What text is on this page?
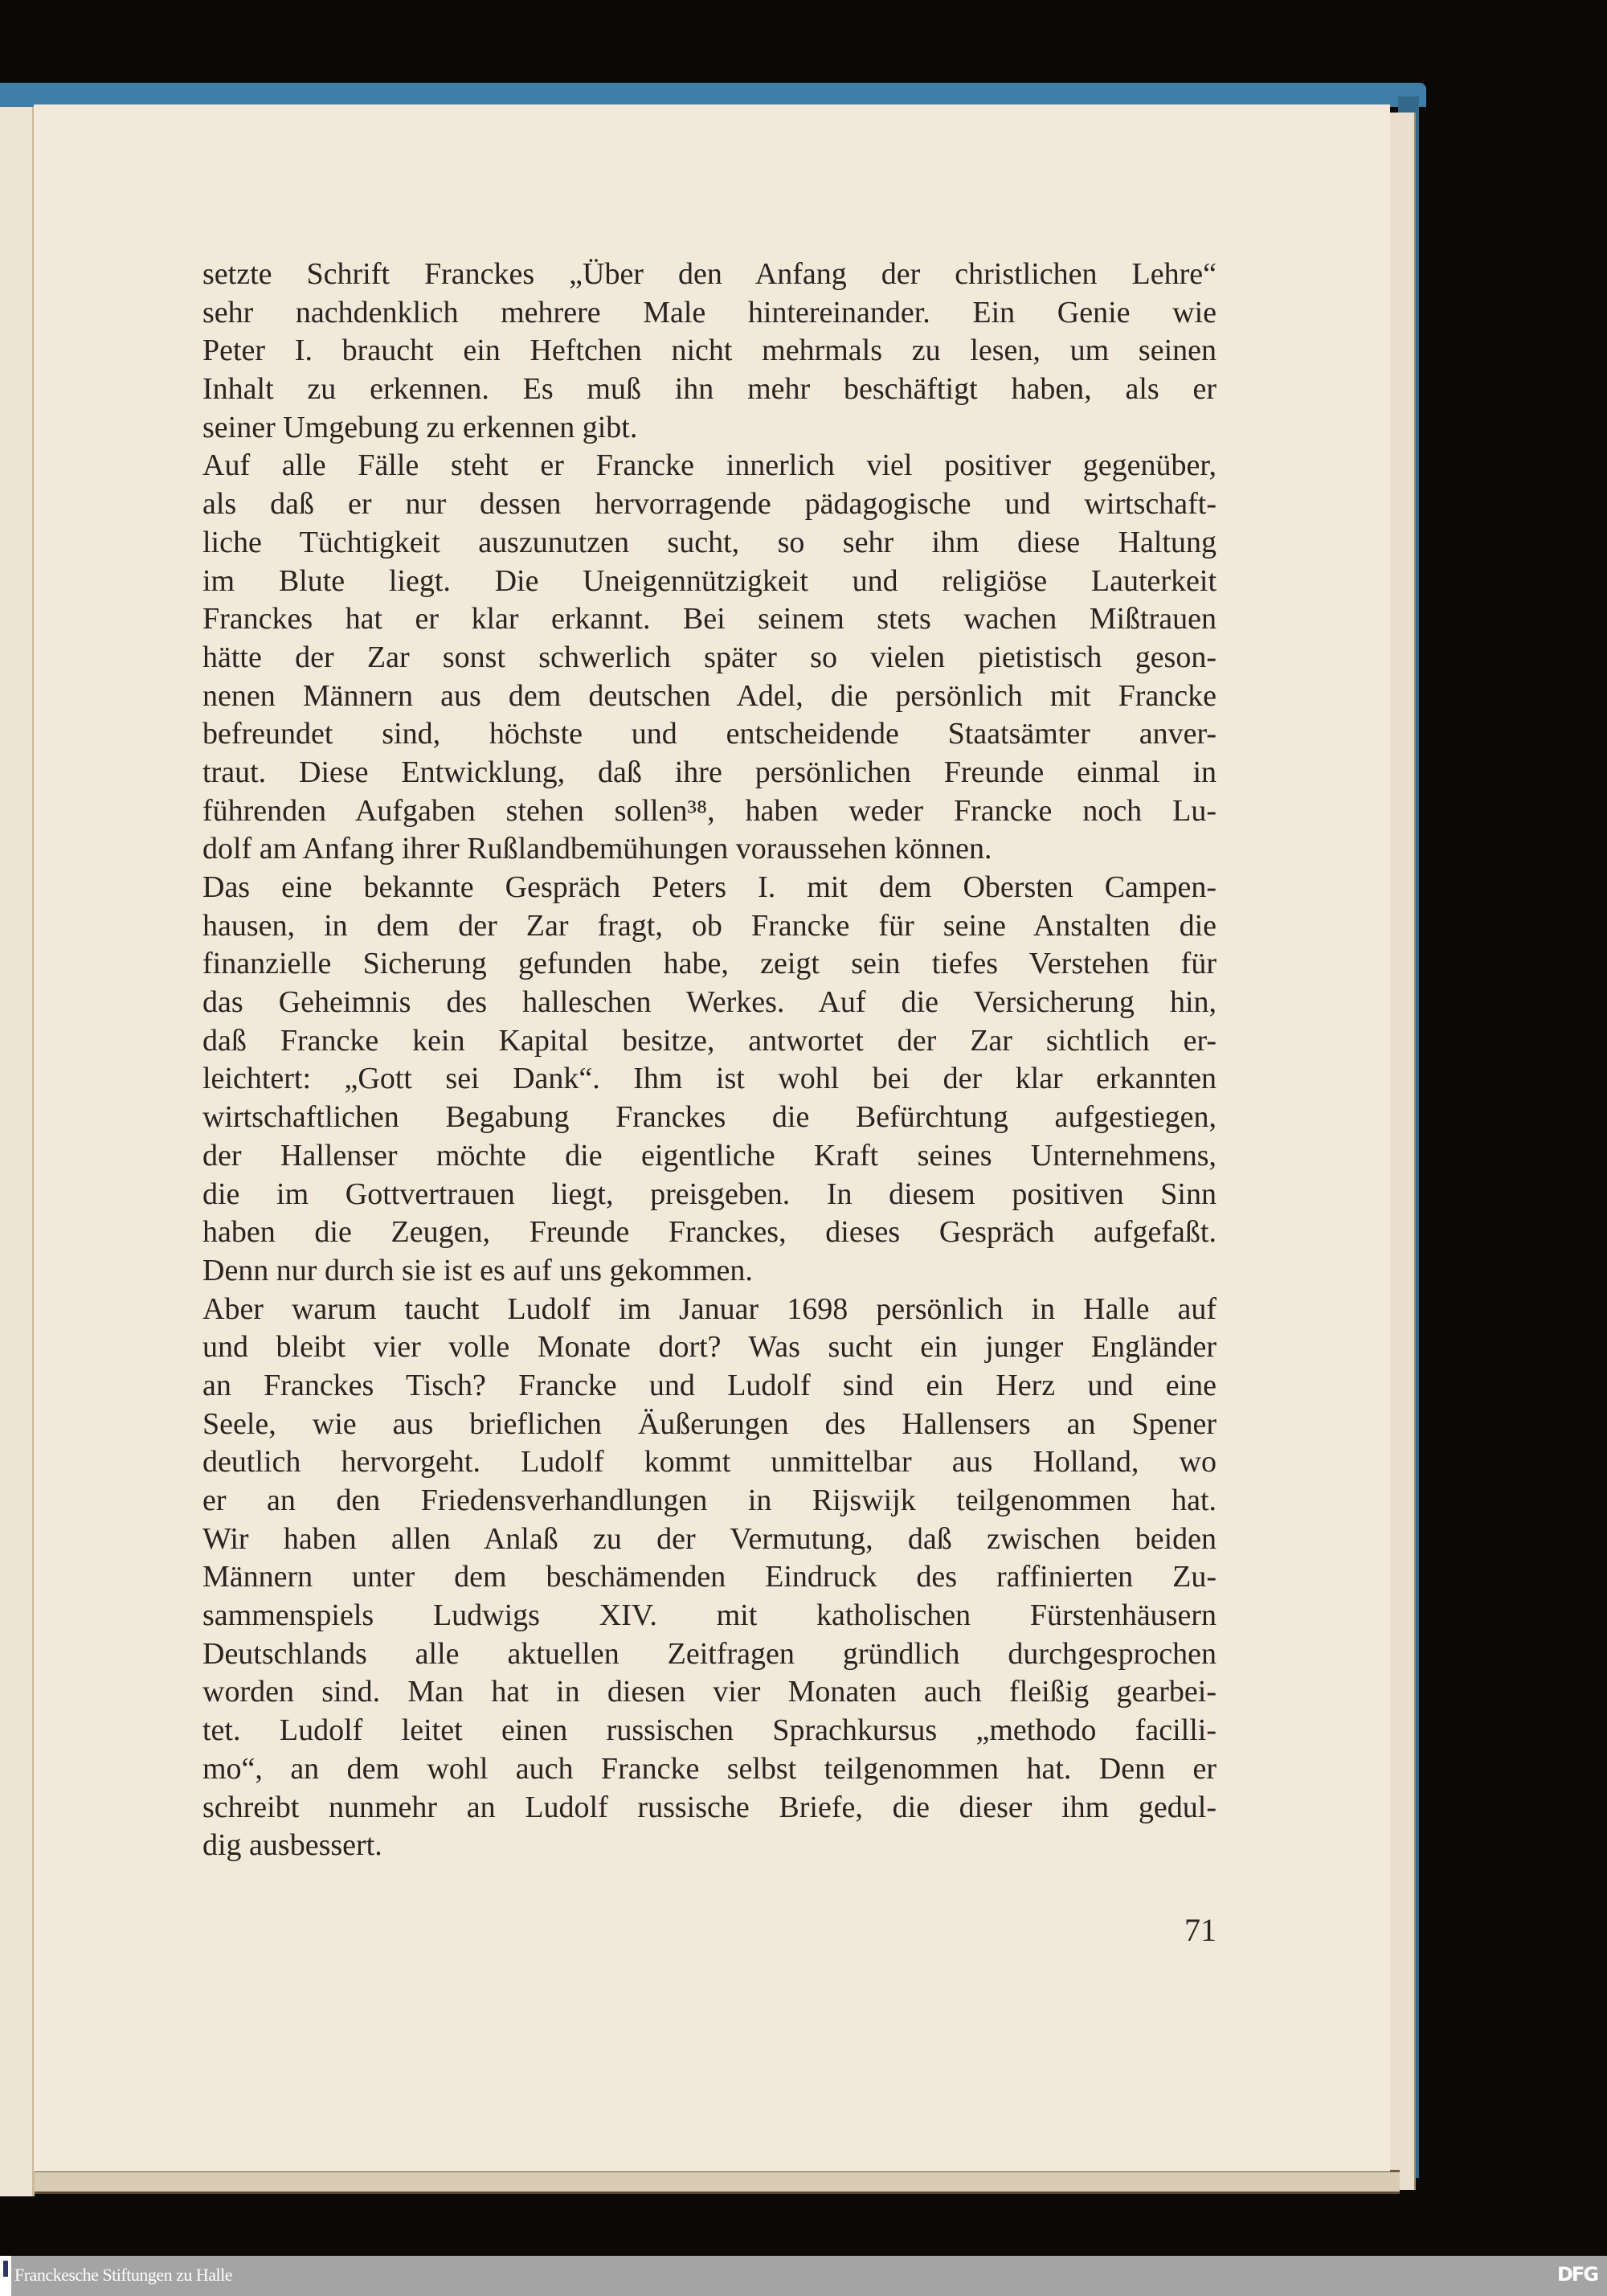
setzte Schrift Franckes „Über den Anfang der christlichen Lehre“
sehr nachdenklich mehrere Male hintereinander. Ein Genie wie
Peter I. braucht ein Heftchen nicht mehrmals zu lesen, um seinen
Inhalt zu erkennen. Es muß ihn mehr beschäftigt haben, als er
seiner Umgebung zu erkennen gibt.
Auf alle Fälle steht er Francke innerlich viel positiver gegenüber,
als daß er nur dessen hervorragende pädagogische und wirtschaft-
liche Tüchtigkeit auszunutzen sucht, so sehr ihm diese Haltung
im Blute liegt. Die Uneigennützigkeit und religiöse Lauterkeit
Franckes hat er klar erkannt. Bei seinem stets wachen Mißtrauen
hätte der Zar sonst schwerlich später so vielen pietistisch geson-
nenen Männern aus dem deutschen Adel, die persönlich mit Francke
befreundet sind, höchste und entscheidende Staatsämter anver-
traut. Diese Entwicklung, daß ihre persönlichen Freunde einmal in
führenden Aufgaben stehen sollen³⁸, haben weder Francke noch Lu-
dolf am Anfang ihrer Rußlandbemühungen voraussehen können.
Das eine bekannte Gespräch Peters I. mit dem Obersten Campen-
hausen, in dem der Zar fragt, ob Francke für seine Anstalten die
finanzielle Sicherung gefunden habe, zeigt sein tiefes Verstehen für
das Geheimnis des halleschen Werkes. Auf die Versicherung hin,
daß Francke kein Kapital besitze, antwortet der Zar sichtlich er-
leichtert: „Gott sei Dank“. Ihm ist wohl bei der klar erkannten
wirtschaftlichen Begabung Franckes die Befürchtung aufgestiegen,
der Hallenser möchte die eigentliche Kraft seines Unternehmens,
die im Gottvertrauen liegt, preisgeben. In diesem positiven Sinn
haben die Zeugen, Freunde Franckes, dieses Gespräch aufgefaßt.
Denn nur durch sie ist es auf uns gekommen.
Aber warum taucht Ludolf im Januar 1698 persönlich in Halle auf
und bleibt vier volle Monate dort? Was sucht ein junger Engländer
an Franckes Tisch? Francke und Ludolf sind ein Herz und eine
Seele, wie aus brieflichen Äußerungen des Hallensers an Spener
deutlich hervorgeht. Ludolf kommt unmittelbar aus Holland, wo
er an den Friedensverhandlungen in Rijswijk teilgenommen hat.
Wir haben allen Anlaß zu der Vermutung, daß zwischen beiden
Männern unter dem beschämenden Eindruck des raffinierten Zu-
sammenspiels Ludwigs XIV. mit katholischen Fürstenhäusern
Deutschlands alle aktuellen Zeitfragen gründlich durchgesprochen
worden sind. Man hat in diesen vier Monaten auch fleißig gearbei-
tet. Ludolf leitet einen russischen Sprachkursus „methodo facilli-
mo“, an dem wohl auch Francke selbst teilgenommen hat. Denn er
schreibt nunmehr an Ludolf russische Briefe, die dieser ihm gedul-
dig ausbessert.
71
Franckesche Stiftungen zu Halle	DFG
